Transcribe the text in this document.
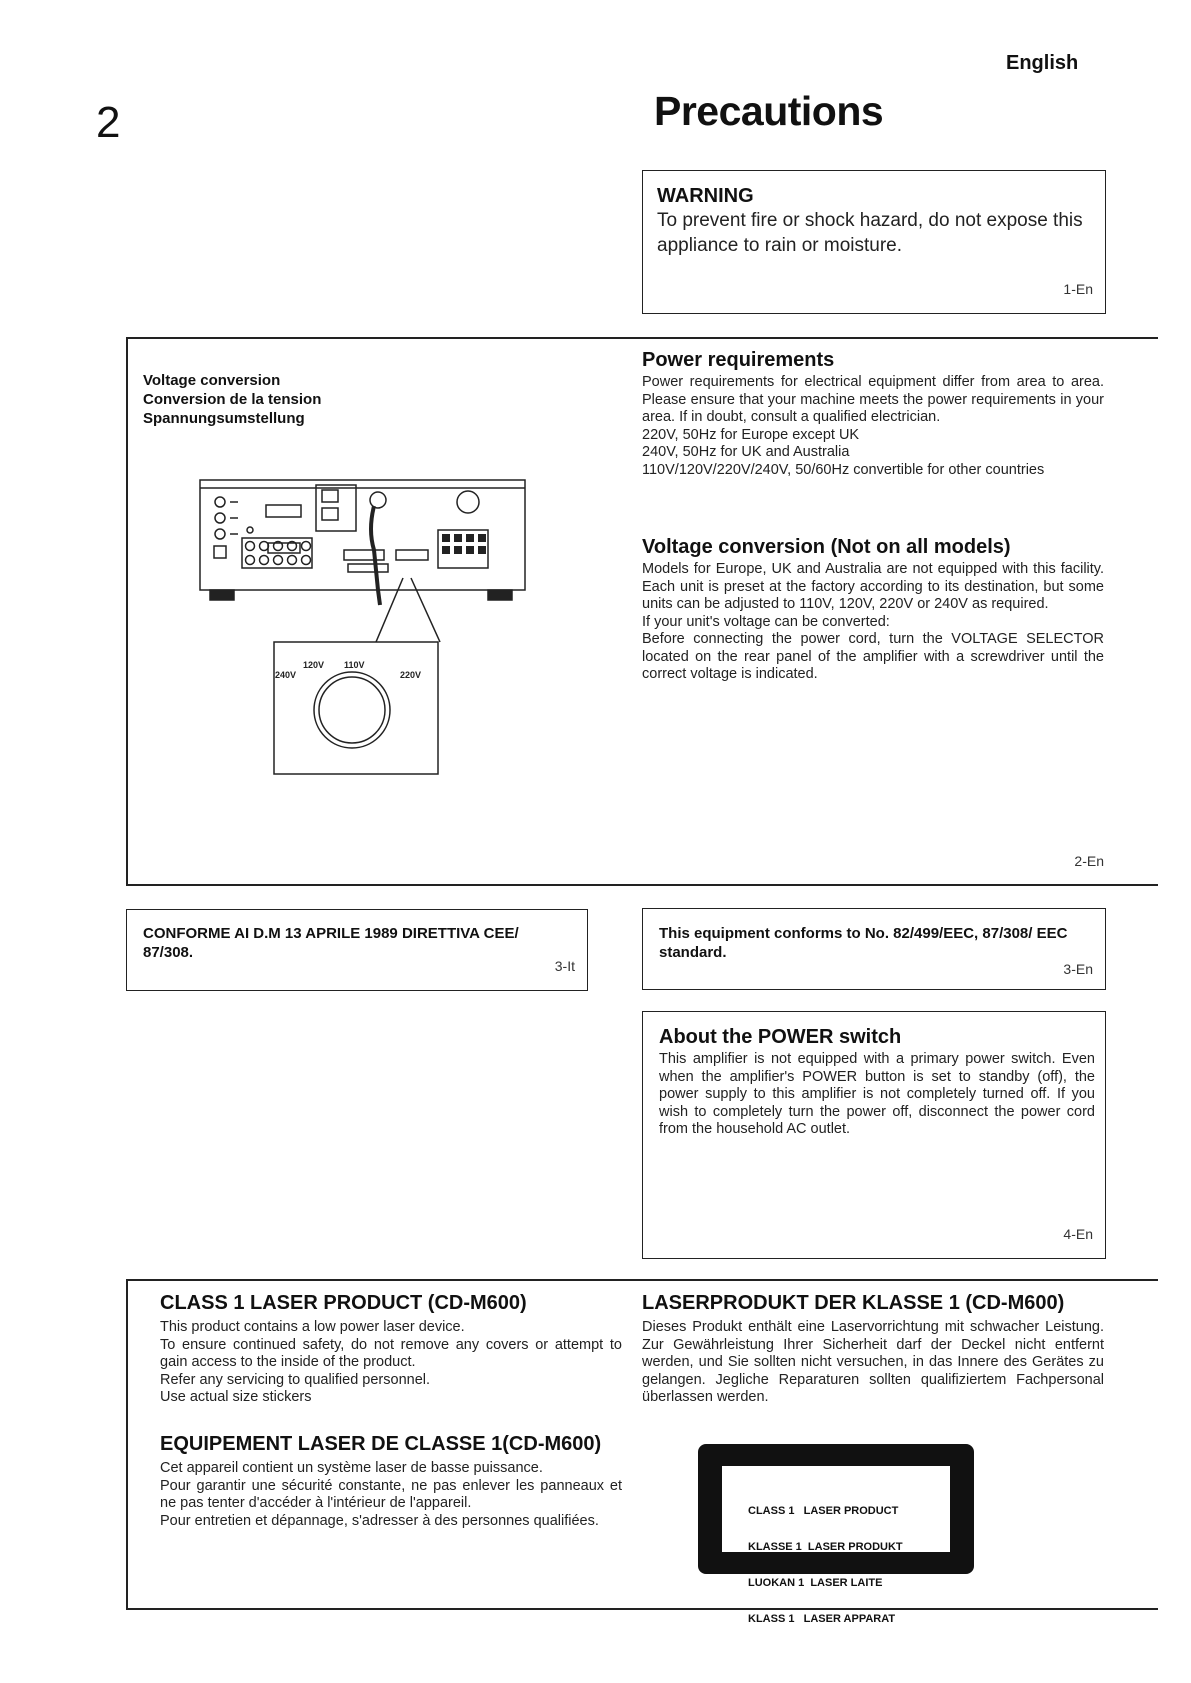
2
English
Precautions
WARNING
To prevent fire or shock hazard, do not expose this appliance to rain or moisture.
1-En
Voltage conversion
Conversion de la tension
Spannungsumstellung
120V 110V
240V	220V
Power requirements

Power requirements for electrical equipment differ from area to area. Please ensure that your machine meets the power requirements in your area. If in doubt, consult a qualified electrician.

220V, 50Hz for Europe except UK

240V, 50Hz for UK and Australia

110V/120V/220V/240V, 50/60Hz convertible for other countries

Voltage conversion (Not on all models)

Models for Europe, UK and Australia are not equipped with this facility. Each unit is preset at the factory according to its destination, but some units can be adjusted to 110V, 120V, 220V or 240V as required.

If your unit's voltage can be converted:

Before connecting the power cord, turn the VOLTAGE SELECTOR located on the rear panel of the amplifier with a screwdriver until the correct voltage is indicated.

2-En
CONFORME AI D.M 13 APRILE 1989 DIRETTIVA CEE/ 87/308.
3-It
This equipment conforms to No. 82/499/EEC, 87/308/ EEC standard.
3-En
About the POWER switch

This amplifier is not equipped with a primary power switch. Even when the amplifier's POWER button is set to standby (off), the power supply to this amplifier is not completely turned off. If you wish to completely turn the power off, disconnect the power cord from the household AC outlet.

4-En
CLASS 1 LASER PRODUCT (CD-M600)

This product contains a low power laser device.

To ensure continued safety, do not remove any covers or attempt to gain access to the inside of the product.

Refer any servicing to qualified personnel.

Use actual size stickers

EQUIPEMENT LASER DE CLASSE 1(CD-M600)

Cet appareil contient un système laser de basse puissance.

Pour garantir une sécurité constante, ne pas enlever les panneaux et ne pas tenter d'accéder à l'intérieur de l'appareil.

Pour entretien et dépannage, s'adresser à des personnes qualifiées.

LASERPRODUKT DER KLASSE 1 (CD-M600)

Dieses Produkt enthält eine Laservorrichtung mit schwacher Leistung. Zur Gewährleistung Ihrer Sicherheit darf der Deckel nicht entfernt werden, und Sie sollten nicht versuchen, in das Innere des Gerätes zu gelangen. Jegliche Reparaturen sollten qualifiziertem Fachpersonal überlassen werden.

CLASS 1   LASER PRODUCT

KLASSE 1  LASER PRODUKT

LUOKAN 1  LASER LAITE

KLASS 1   LASER APPARAT
